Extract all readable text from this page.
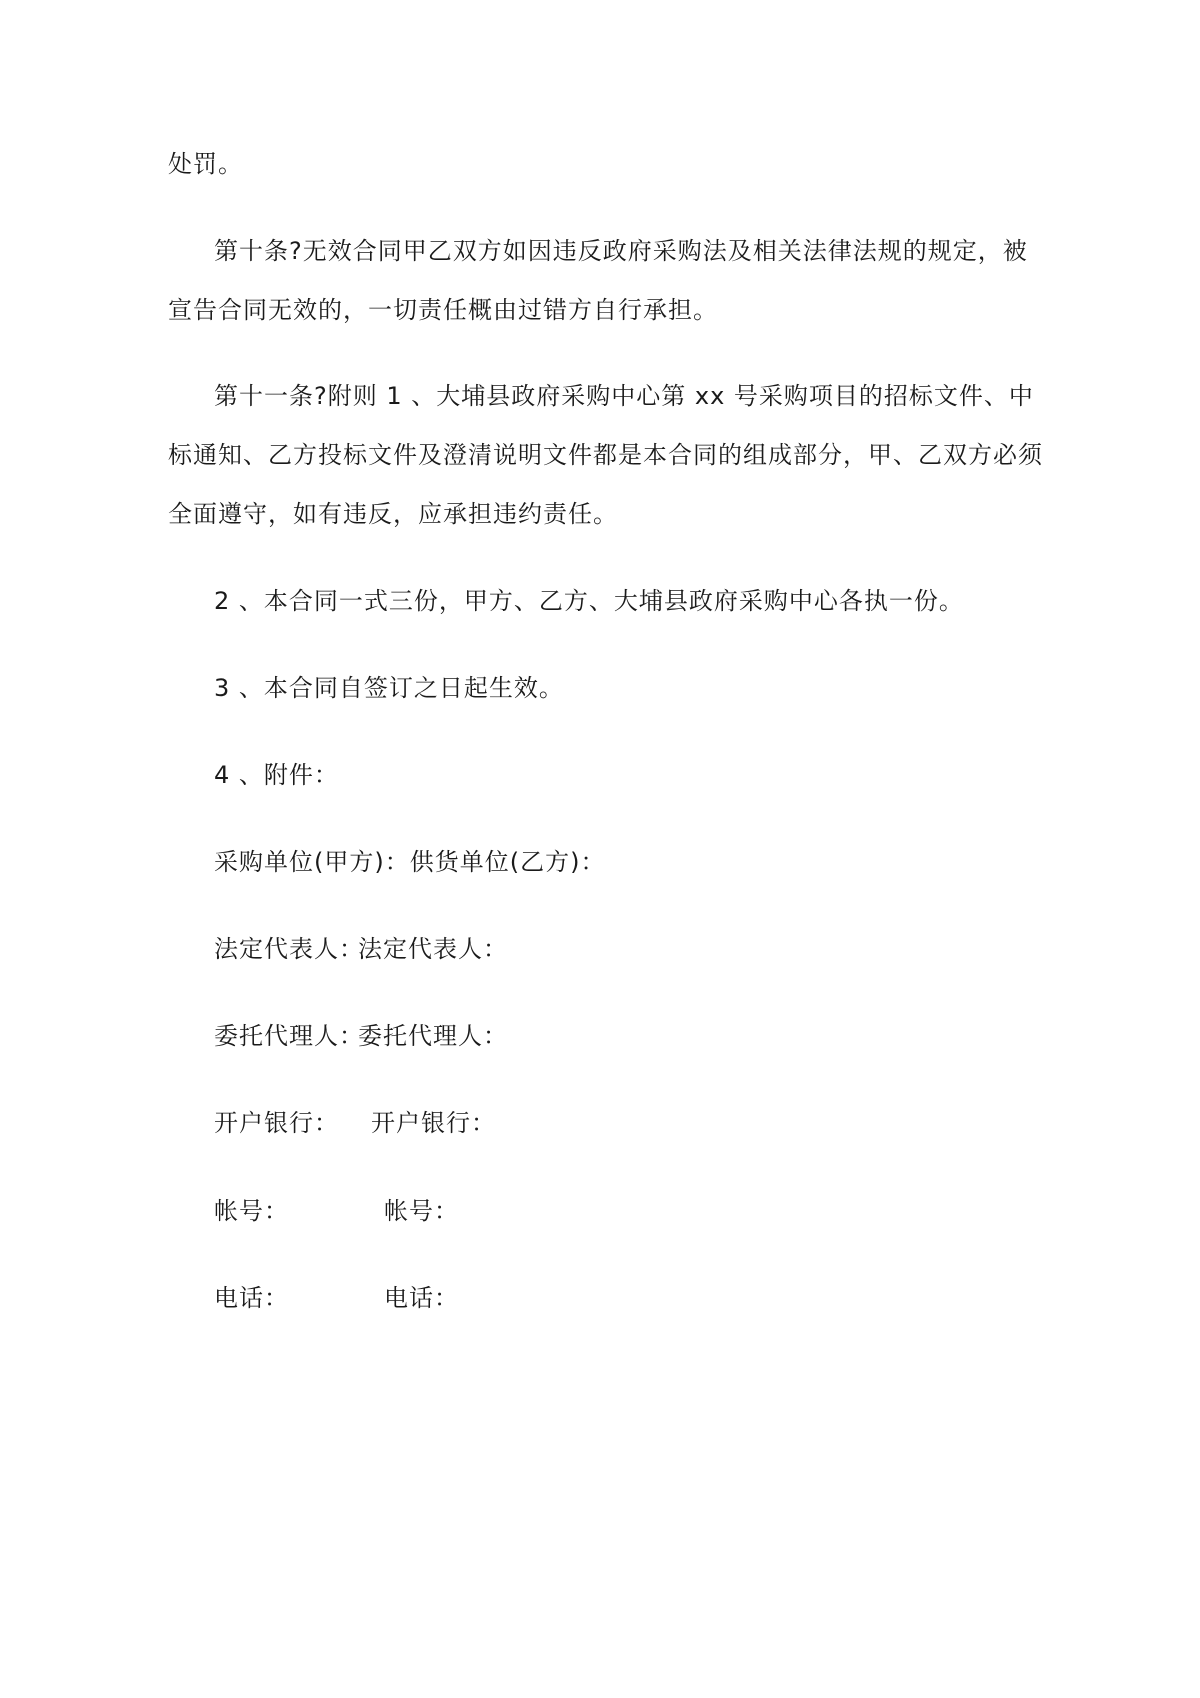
处罚。
第十条?无效合同甲乙双方如因违反政府采购法及相关法律法规的规定，被
宣告合同无效的，一切责任概由过错方自行承担。
第十一条?附则 1 、大埔县政府采购中心第 xx 号采购项目的招标文件、中
标通知、乙方投标文件及澄清说明文件都是本合同的组成部分，甲、乙双方必须
全面遵守，如有违反，应承担违约责任。
2 、本合同一式三份，甲方、乙方、大埔县政府采购中心各执一份。
3 、本合同自签订之日起生效。
4 、附件：
采购单位(甲方)：供货单位(乙方)：
法定代表人：
法定代表人：
委托代理人：
委托代理人：
开户银行： 开户银行：
帐号：	帐号：
电话：	电话：
